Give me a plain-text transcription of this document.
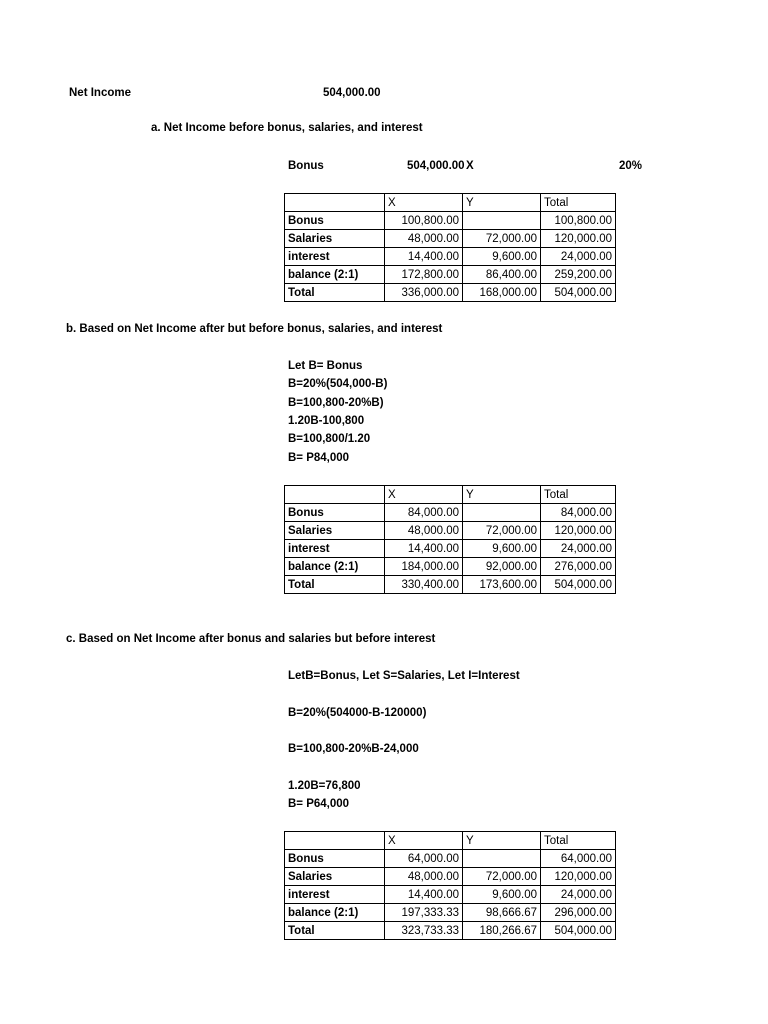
Net Income	504,000.00
a. Net Income before bonus, salaries, and interest
Bonus	504,000.00 X	20%
	X	Y	Total
Bonus	100,800.00		100,800.00
Salaries	48,000.00	72,000.00	120,000.00
interest	14,400.00	9,600.00	24,000.00
balance (2:1)	172,800.00	86,400.00	259,200.00
Total	336,000.00	168,000.00	504,000.00
b. Based on Net Income after but before bonus, salaries, and interest
Let B= Bonus
B=20%(504,000-B)
B=100,800-20%B)
1.20B-100,800
B=100,800/1.20
B= P84,000
	X	Y	Total
Bonus	84,000.00		84,000.00
Salaries	48,000.00	72,000.00	120,000.00
interest	14,400.00	9,600.00	24,000.00
balance (2:1)	184,000.00	92,000.00	276,000.00
Total	330,400.00	173,600.00	504,000.00
c. Based on Net Income after bonus and salaries but before interest
LetB=Bonus, Let S=Salaries, Let I=Interest
B=20%(504000-B-120000)
B=100,800-20%B-24,000
1.20B=76,800
B= P64,000
	X	Y	Total
Bonus	64,000.00		64,000.00
Salaries	48,000.00	72,000.00	120,000.00
interest	14,400.00	9,600.00	24,000.00
balance (2:1)	197,333.33	98,666.67	296,000.00
Total	323,733.33	180,266.67	504,000.00
